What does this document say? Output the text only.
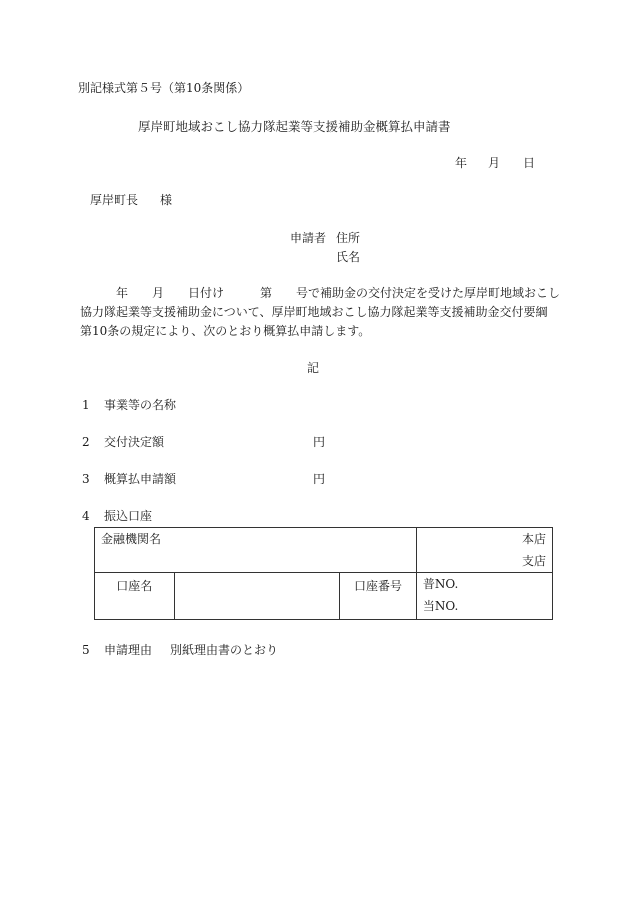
別記様式第５号（第10条関係）
厚岸町地域おこし協力隊起業等支援補助金概算払申請書
年 月 日
厚岸町長 様
申請者 住所
氏名

　　　年　　月　　日付け　　　第　　号で補助金の交付決定を受けた厚岸町地域おこし

協力隊起業等支援補助金について、厚岸町地域おこし協力隊起業等支援補助金交付要綱

第10条の規定により、次のとおり概算払申請します。

記
1 事業等の名称
2 交付決定額	円
3 概算払申請額	円
4 振込口座
金融機関名			本店
支店

口座名		口座番号	普NO.
当NO.
5 申請理由 別紙理由書のとおり
